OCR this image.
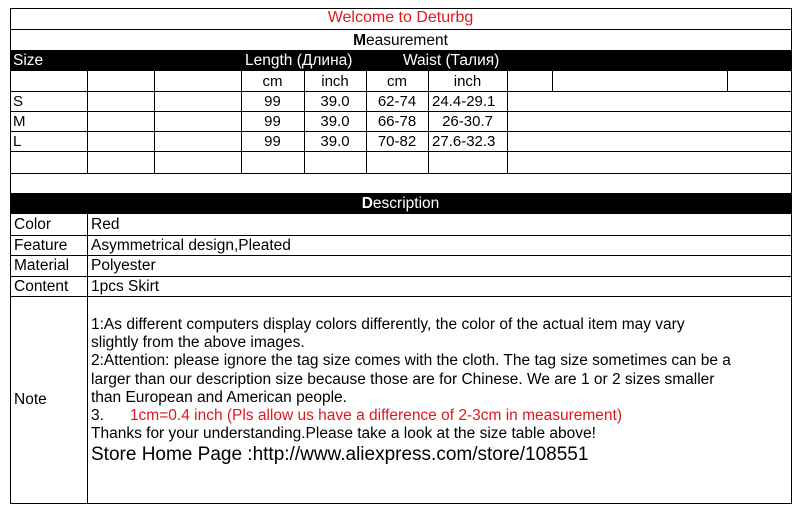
Welcome to Deturbg
Measurement
Size	Length (Длина)	Waist (Талия)
cm	inch	cm	inch
S	99	39.0	62-74	24.4-29.1
M	99	39.0	66-78	26-30.7
L	99	39.0	70-82	27.6-32.3
Description
Color	Red
Feature Asymmetrical design,Pleated
Material Polyester
Content 1pcs Skirt
Note
1:As different computers display colors differently, the color of the actual item may vary
slightly from the above images.
2:Attention: please ignore the tag size comes with the cloth. The tag size sometimes can be a
larger than our description size because those are for Chinese. We are 1 or 2 sizes smaller
than European and American people.
3. 1cm=0.4 inch (Pls allow us have a difference of 2-3cm in measurement)
Thanks for your understanding.Please take a look at the size table above!
Store Home Page :http://www.aliexpress.com/store/108551
